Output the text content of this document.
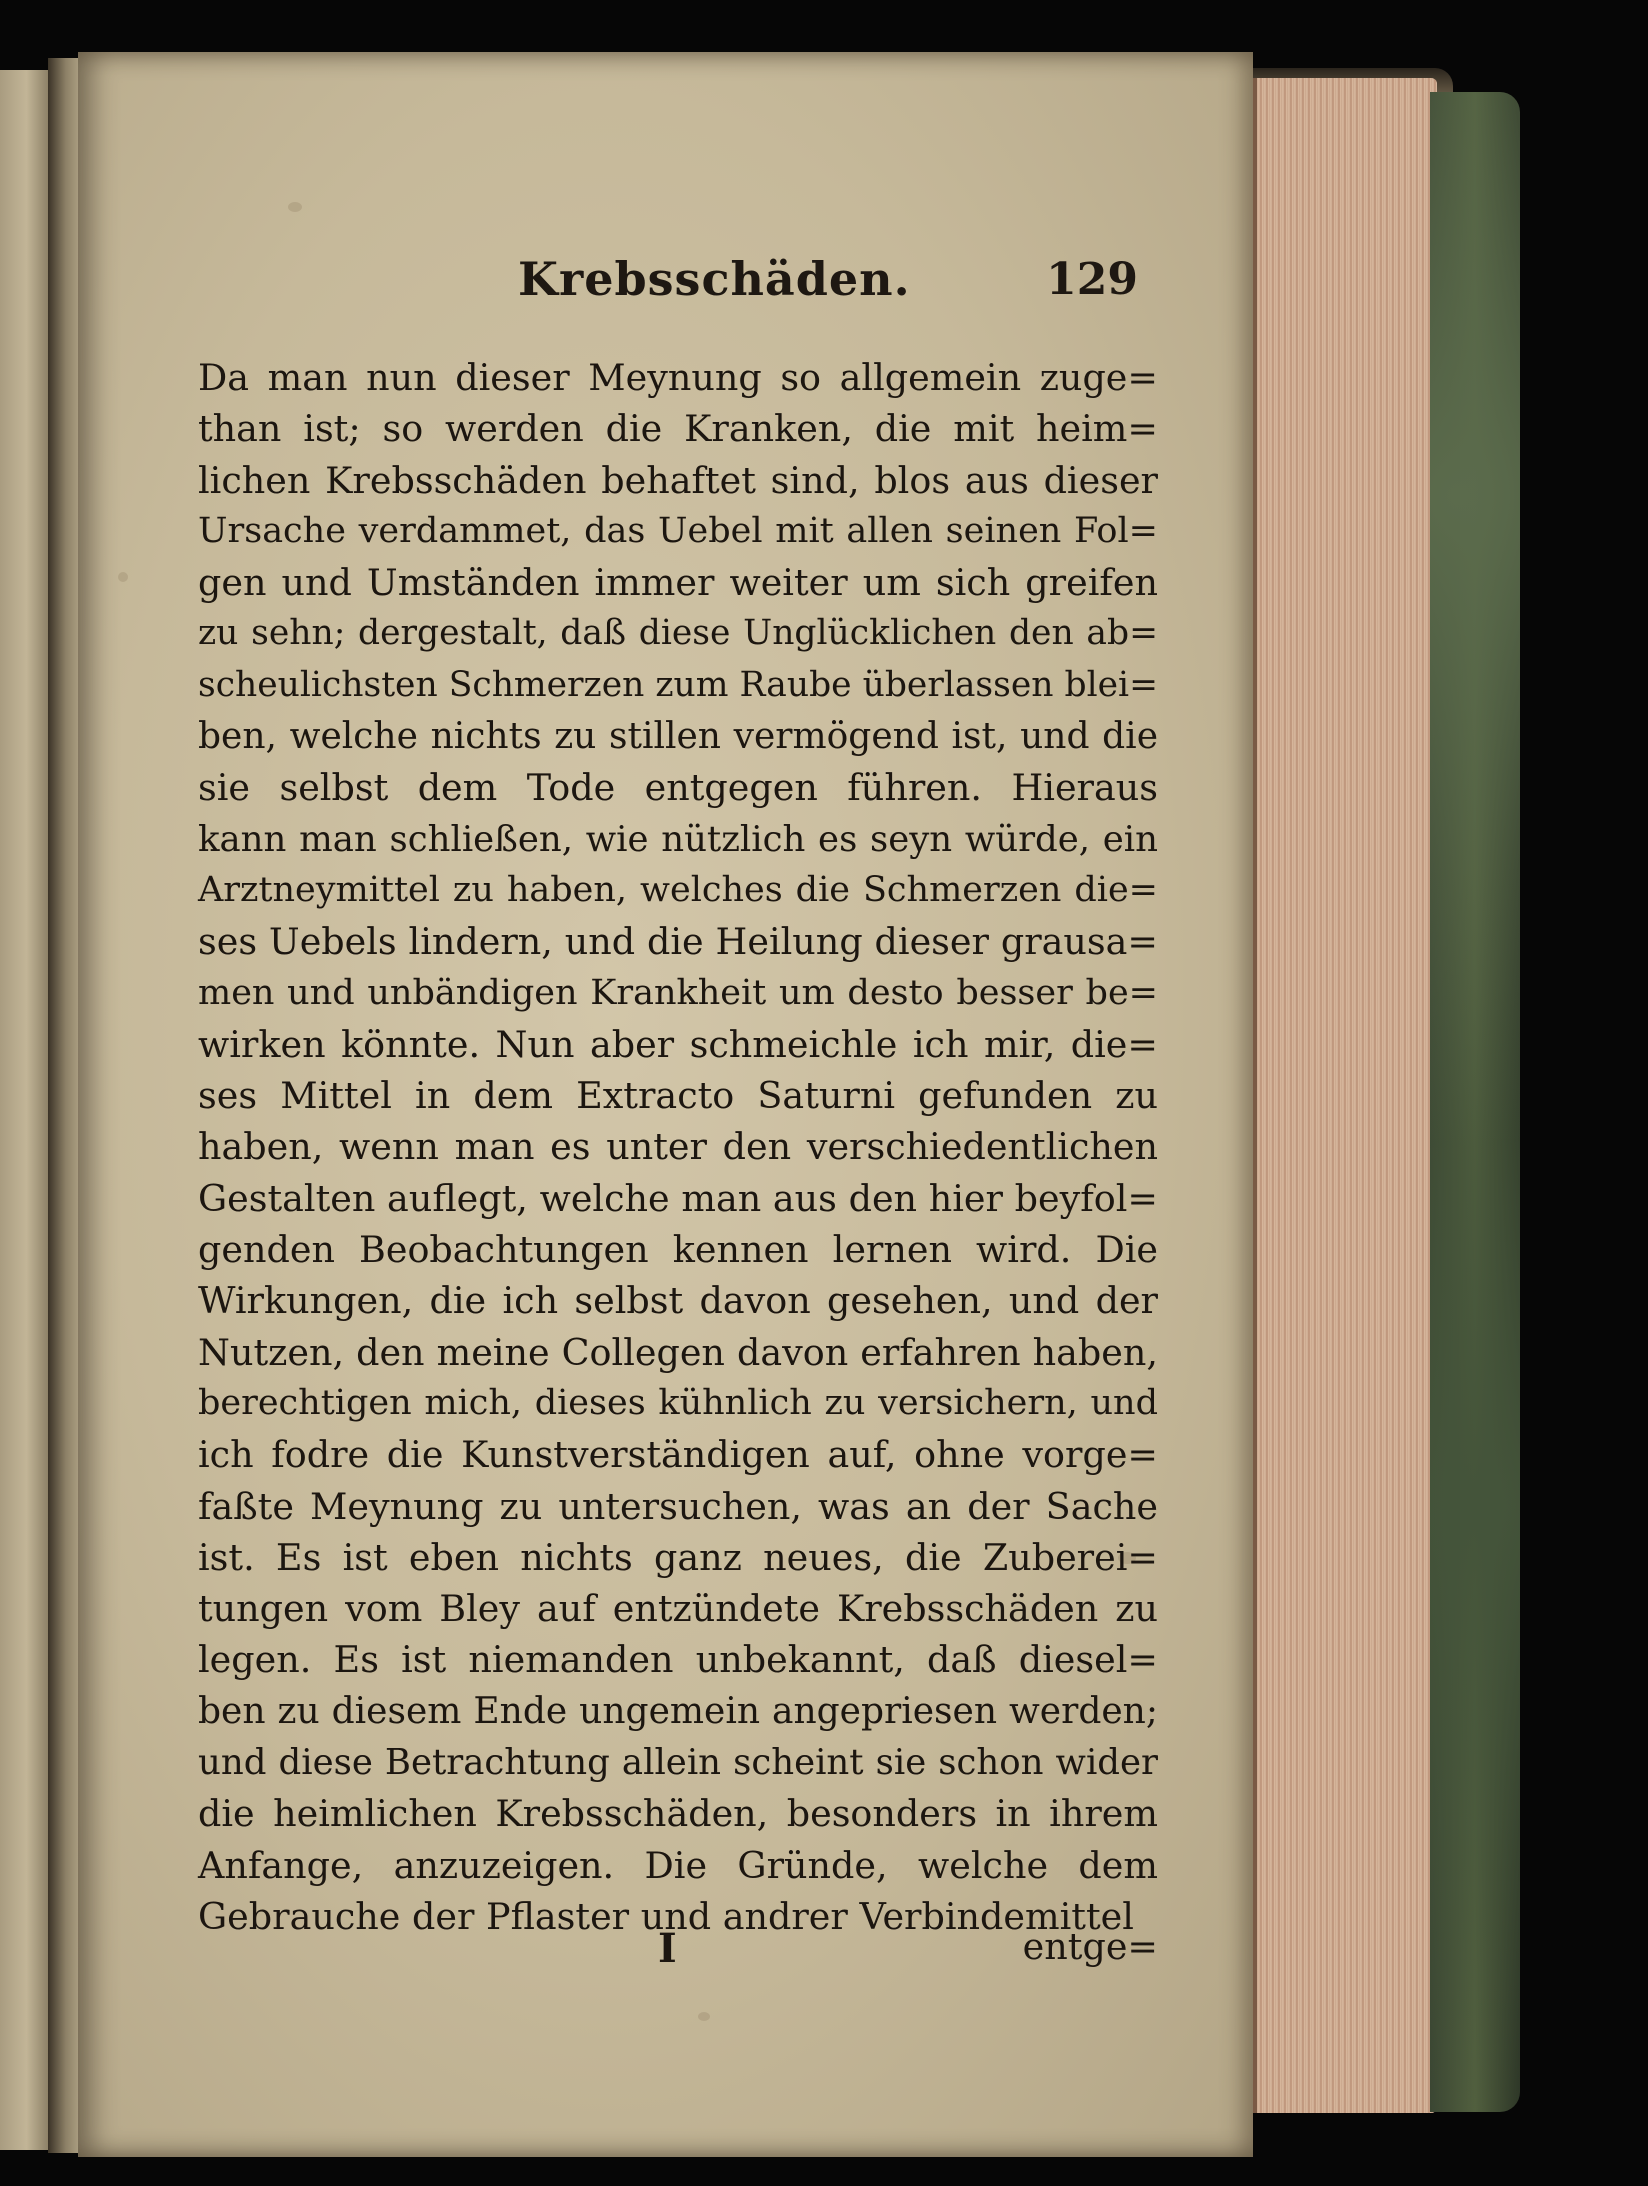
Krebsschäden.	129
Da man nun dieser Meynung so allgemein zuge=
than ist; so werden die Kranken, die mit heim=
lichen Krebsschäden behaftet sind, blos aus dieser
Ursache verdammet, das Uebel mit allen seinen Fol=
gen und Umständen immer weiter um sich greifen
zu sehn; dergestalt, daß diese Unglücklichen den ab=
scheulichsten Schmerzen zum Raube überlassen blei=
ben, welche nichts zu stillen vermögend ist, und die
sie selbst dem Tode entgegen führen. Hieraus
kann man schließen, wie nützlich es seyn würde, ein
Arztneymittel zu haben, welches die Schmerzen die=
ses Uebels lindern, und die Heilung dieser grausa=
men und unbändigen Krankheit um desto besser be=
wirken könnte. Nun aber schmeichle ich mir, die=
ses Mittel in dem Extracto Saturni gefunden zu
haben, wenn man es unter den verschiedentlichen
Gestalten auflegt, welche man aus den hier beyfol=
genden Beobachtungen kennen lernen wird. Die
Wirkungen, die ich selbst davon gesehen, und der
Nutzen, den meine Collegen davon erfahren haben,
berechtigen mich, dieses kühnlich zu versichern, und
ich fodre die Kunstverständigen auf, ohne vorge=
faßte Meynung zu untersuchen, was an der Sache
ist. Es ist eben nichts ganz neues, die Zuberei=
tungen vom Bley auf entzündete Krebsschäden zu
legen. Es ist niemanden unbekannt, daß diesel=
ben zu diesem Ende ungemein angepriesen werden;
und diese Betrachtung allein scheint sie schon wider
die heimlichen Krebsschäden, besonders in ihrem
Anfange, anzuzeigen. Die Gründe, welche dem
Gebrauche der Pflaster und andrer Verbindemittel
I	entge=
